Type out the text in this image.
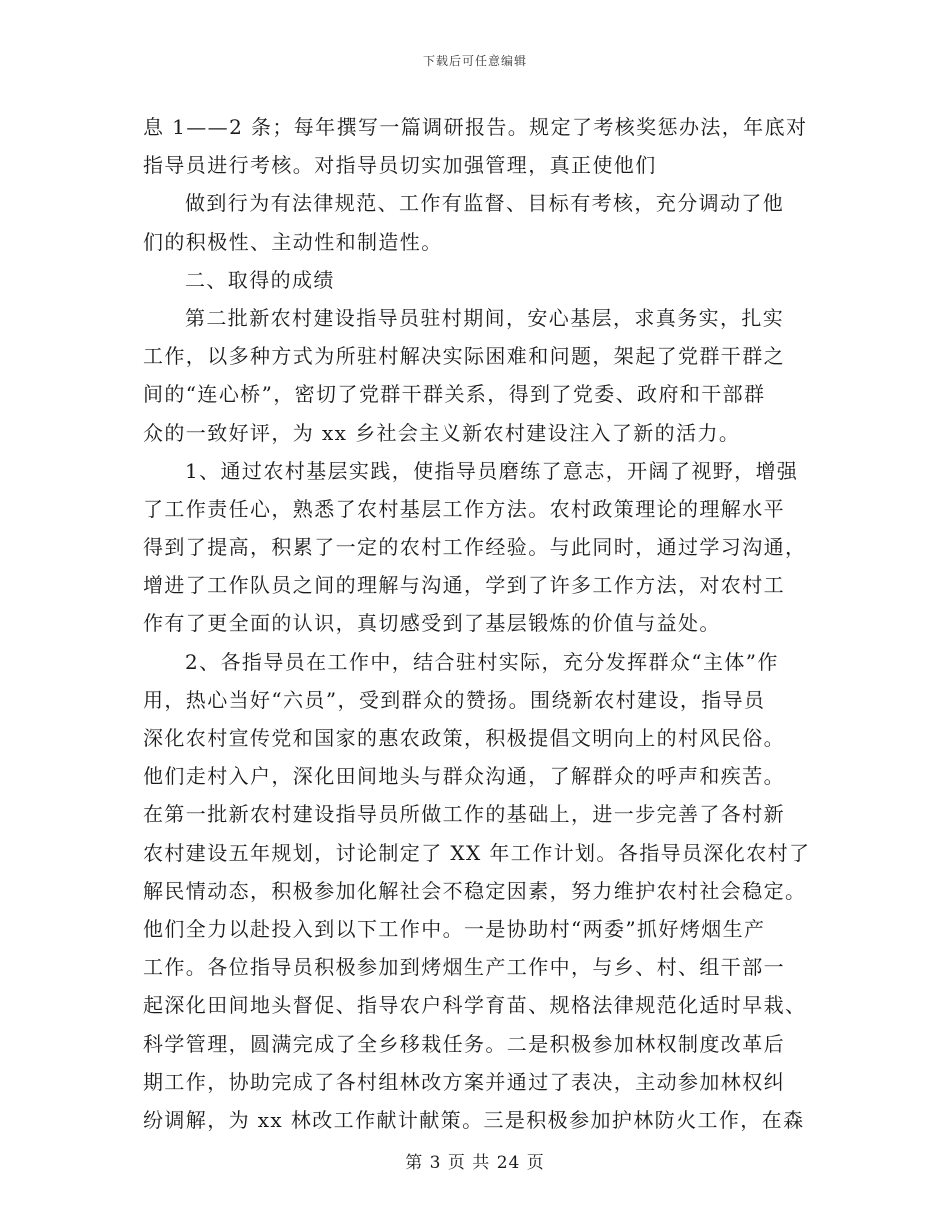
下载后可任意编辑
息 1——2 条；每年撰写一篇调研报告。规定了考核奖惩办法，年底对
指导员进行考核。对指导员切实加强管理，真正使他们
做到行为有法律规范、工作有监督、目标有考核，充分调动了他
们的积极性、主动性和制造性。
二、取得的成绩
第二批新农村建设指导员驻村期间，安心基层，求真务实，扎实
工作，以多种方式为所驻村解决实际困难和问题，架起了党群干群之
间的“连心桥”，密切了党群干群关系，得到了党委、政府和干部群
众的一致好评，为 xx 乡社会主义新农村建设注入了新的活力。
1、通过农村基层实践，使指导员磨练了意志，开阔了视野，增强
了工作责任心，熟悉了农村基层工作方法。农村政策理论的理解水平
得到了提高，积累了一定的农村工作经验。与此同时，通过学习沟通，
增进了工作队员之间的理解与沟通，学到了许多工作方法，对农村工
作有了更全面的认识，真切感受到了基层锻炼的价值与益处。
2、各指导员在工作中，结合驻村实际，充分发挥群众“主体”作
用，热心当好“六员”，受到群众的赞扬。围绕新农村建设，指导员
深化农村宣传党和国家的惠农政策，积极提倡文明向上的村风民俗。
他们走村入户，深化田间地头与群众沟通，了解群众的呼声和疾苦。
在第一批新农村建设指导员所做工作的基础上，进一步完善了各村新
农村建设五年规划，讨论制定了 XX 年工作计划。各指导员深化农村了
解民情动态，积极参加化解社会不稳定因素，努力维护农村社会稳定。
他们全力以赴投入到以下工作中。一是协助村“两委”抓好烤烟生产
工作。各位指导员积极参加到烤烟生产工作中，与乡、村、组干部一
起深化田间地头督促、指导农户科学育苗、规格法律规范化适时早栽、
科学管理，圆满完成了全乡移栽任务。二是积极参加林权制度改革后
期工作，协助完成了各村组林改方案并通过了表决，主动参加林权纠
纷调解，为 xx 林改工作献计献策。三是积极参加护林防火工作，在森
第 3 页 共 24 页
